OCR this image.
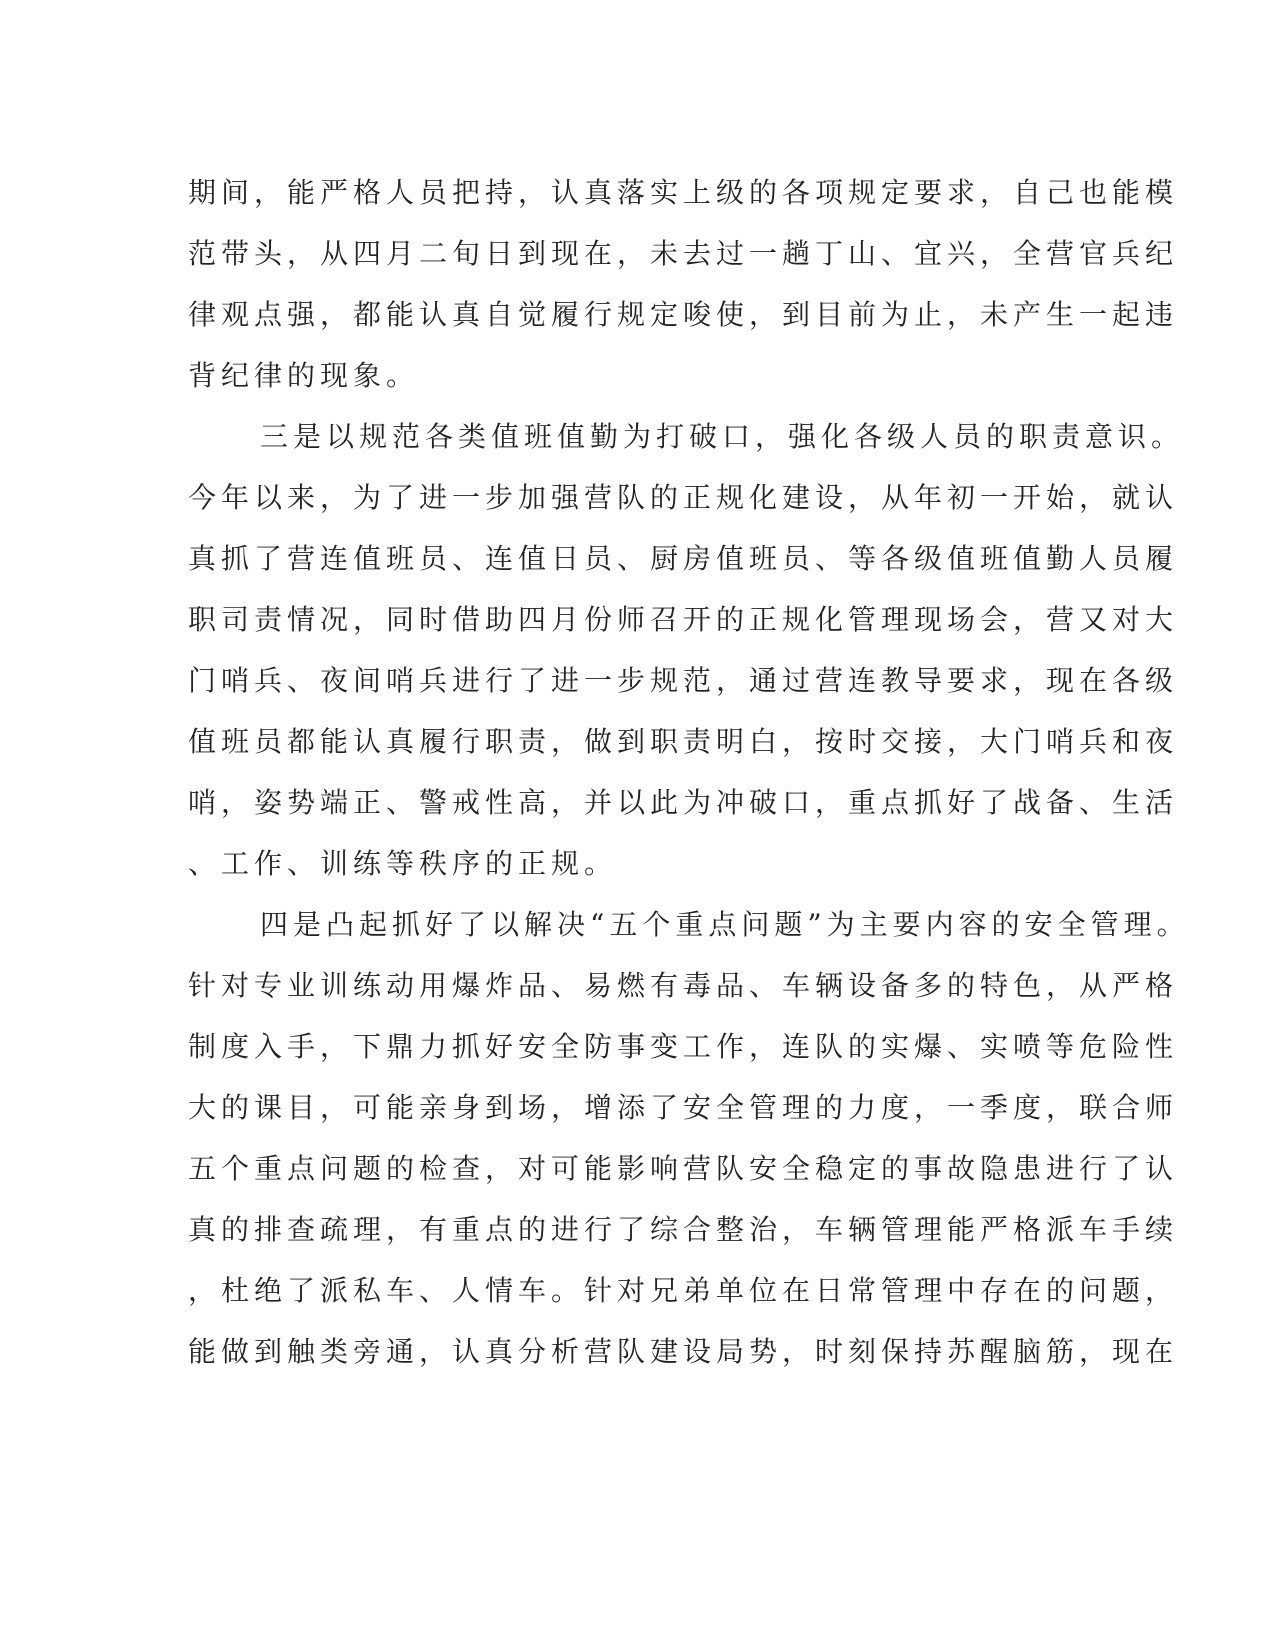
期间，能严格人员把持，认真落实上级的各项规定要求，自己也能模
范带头，从四月二旬日到现在，未去过一趟丁山、宜兴，全营官兵纪
律观点强，都能认真自觉履行规定唆使，到目前为止，未产生一起违
背纪律的现象。
三是以规范各类值班值勤为打破口，强化各级人员的职责意识。
今年以来，为了进一步加强营队的正规化建设，从年初一开始，就认
真抓了营连值班员、连值日员、厨房值班员、等各级值班值勤人员履
职司责情况，同时借助四月份师召开的正规化管理现场会，营又对大
门哨兵、夜间哨兵进行了进一步规范，通过营连教导要求，现在各级
值班员都能认真履行职责，做到职责明白，按时交接，大门哨兵和夜
哨，姿势端正、警戒性高，并以此为冲破口，重点抓好了战备、生活
、工作、训练等秩序的正规。
四是凸起抓好了以解决“五个重点问题”为主要内容的安全管理。
针对专业训练动用爆炸品、易燃有毒品、车辆设备多的特色，从严格
制度入手，下鼎力抓好安全防事变工作，连队的实爆、实喷等危险性
大的课目，可能亲身到场，增添了安全管理的力度，一季度，联合师
五个重点问题的检查，对可能影响营队安全稳定的事故隐患进行了认
真的排查疏理，有重点的进行了综合整治，车辆管理能严格派车手续
，杜绝了派私车、人情车。针对兄弟单位在日常管理中存在的问题，
能做到触类旁通，认真分析营队建设局势，时刻保持苏醒脑筋，现在
